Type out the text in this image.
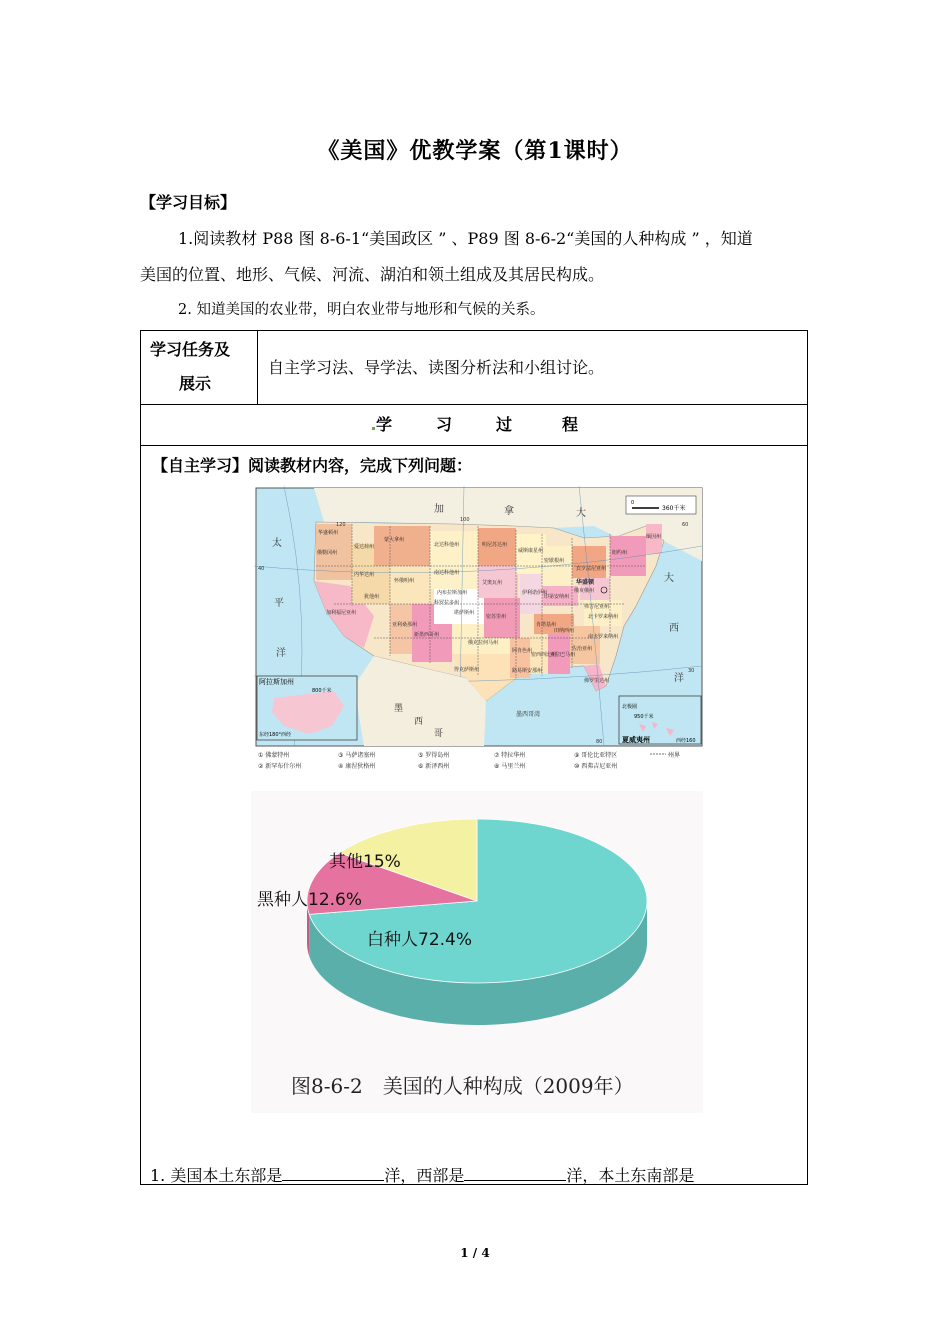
《美国》优教学案（第1课时）
【学习目标】
1.阅读教材 P88 图 8-6-1“美国政区 ” 、P89 图 8-6-2“美国的人种构成 ” ，知道
美国的位置、地形、气候、河流、湖泊和领土组成及其居民构成。
2. 知道美国的农业带，明白农业带与地形和气候的关系。
学习任务及
展示
自主学习法、导学法、读图分析法和小组讨论。
学	习	过	程
【自主学习】阅读教材内容，完成下列问题：
阿拉斯加州
800千米
东经180°西经
北极圈
950千米
夏威夷州	西经160
0
360千米
加	拿	大
墨
西
哥
太
平
洋
大
西
洋
墨西哥湾
120
100
80
60
40
30
华盛顿州
俄勒冈州
加利福尼亚州
内华达州
爱达荷州
蒙大拿州
怀俄明州
犹他州
亚利桑那州
科罗拉多州
新墨西哥州
北达科他州
南达科他州
内布拉斯加州
堪萨斯州
俄克拉何马州
得克萨斯州
明尼苏达州
艾奥瓦州
密苏里州
阿肯色州
路易斯安那州
威斯康星州
伊利诺伊州
密歇根州
印第安纳州
俄亥俄州
肯塔基州
田纳西州
密西西比州
亚拉巴马州
佐治亚州
佛罗里达州
南卡罗来纳州
北卡罗来纳州
弗吉尼亚州
纽约州
宾夕法尼亚州
缅因州
华盛顿
① 佛蒙特州
② 新罕布什尔州
③ 马萨诸塞州
④ 康涅狄格州
⑤ 罗得岛州
⑥ 新泽西州
⑦ 特拉华州
⑧ 马里兰州
⑨ 哥伦比亚特区
⑩ 西弗吉尼亚州
州界
白种人72.4%
黑种人12.6%
其他15%
图8-6-2　美国的人种构成（2009年）
1. 美国本土东部是	洋，西部是	洋，本土东南部是
1 / 4
